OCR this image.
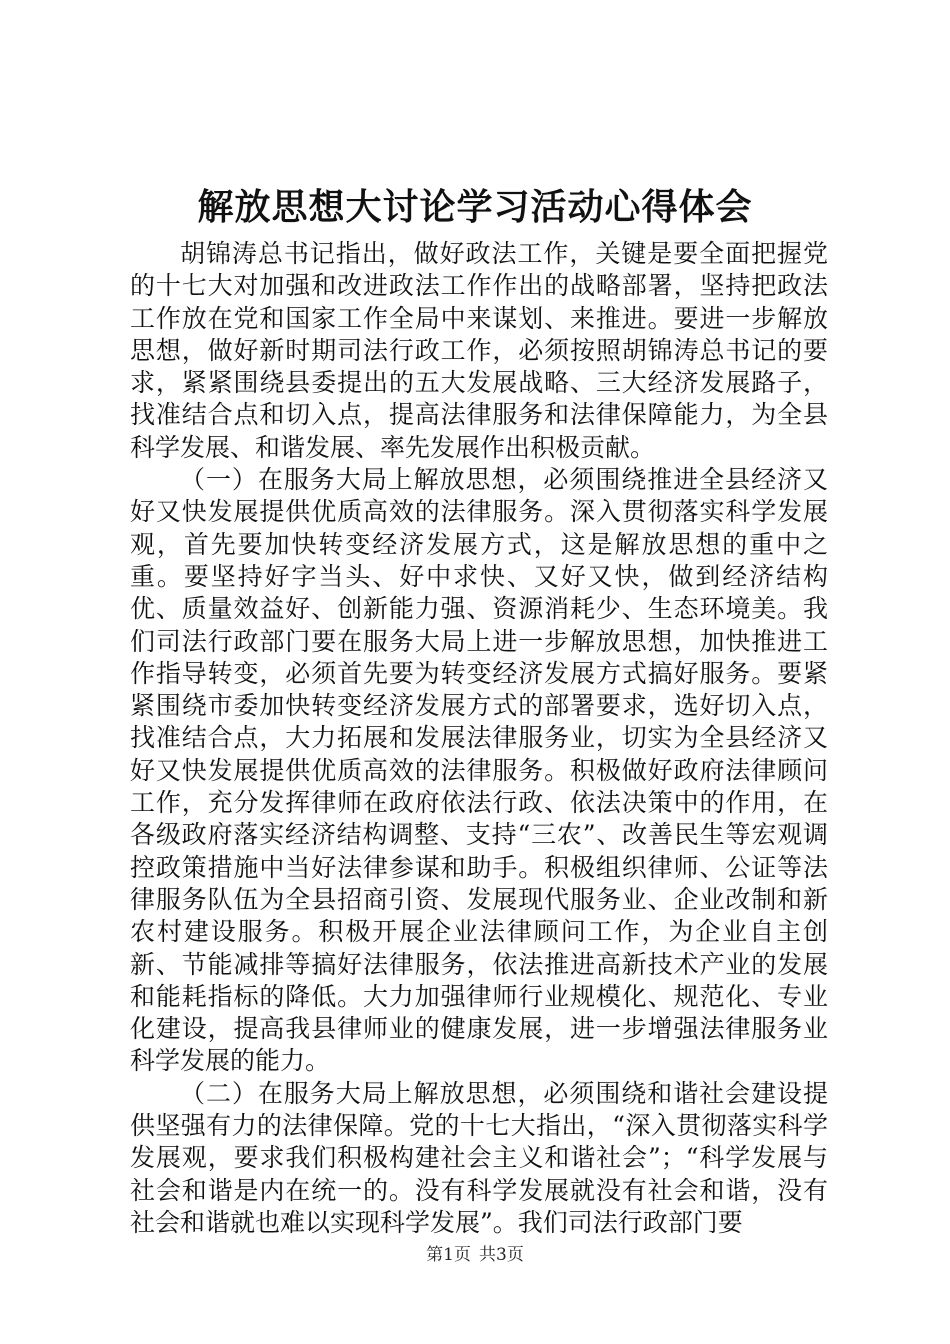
解放思想大讨论学习活动心得体会

胡锦涛总书记指出，做好政法工作，关键是要全面把握党的十七大对加强和改进政法工作作出的战略部署，坚持把政法工作放在党和国家工作全局中来谋划、来推进。要进一步解放思想，做好新时期司法行政工作，必须按照胡锦涛总书记的要求，紧紧围绕县委提出的五大发展战略、三大经济发展路子，找准结合点和切入点，提高法律服务和法律保障能力，为全县科学发展、和谐发展、率先发展作出积极贡献。

（一）在服务大局上解放思想，必须围绕推进全县经济又好又快发展提供优质高效的法律服务。深入贯彻落实科学发展观，首先要加快转变经济发展方式，这是解放思想的重中之重。要坚持好字当头、好中求快、又好又快，做到经济结构优、质量效益好、创新能力强、资源消耗少、生态环境美。我们司法行政部门要在服务大局上进一步解放思想，加快推进工作指导转变，必须首先要为转变经济发展方式搞好服务。要紧紧围绕市委加快转变经济发展方式的部署要求，选好切入点，找准结合点，大力拓展和发展法律服务业，切实为全县经济又好又快发展提供优质高效的法律服务。积极做好政府法律顾问工作，充分发挥律师在政府依法行政、依法决策中的作用，在各级政府落实经济结构调整、支持“三农”、改善民生等宏观调控政策措施中当好法律参谋和助手。积极组织律师、公证等法律服务队伍为全县招商引资、发展现代服务业、企业改制和新农村建设服务。积极开展企业法律顾问工作，为企业自主创新、节能减排等搞好法律服务，依法推进高新技术产业的发展和能耗指标的降低。大力加强律师行业规模化、规范化、专业化建设，提高我县律师业的健康发展，进一步增强法律服务业科学发展的能力。

（二）在服务大局上解放思想，必须围绕和谐社会建设提供坚强有力的法律保障。党的十七大指出，“深入贯彻落实科学发展观，要求我们积极构建社会主义和谐社会”；“科学发展与社会和谐是内在统一的。没有科学发展就没有社会和谐，没有社会和谐就也难以实现科学发展”。我们司法行政部门要

第1页 共3页
